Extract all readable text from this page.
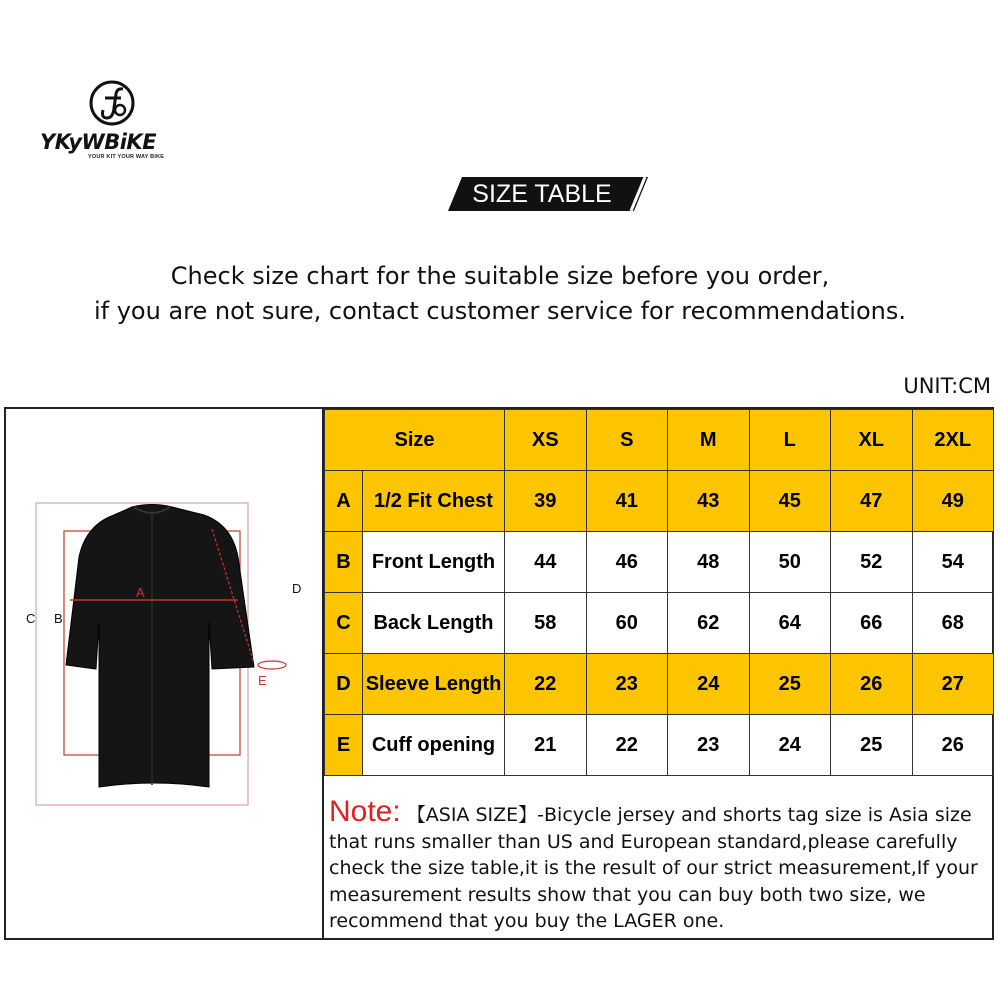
YKyWBiKE
YOUR KIT YOUR WAY BIKE
SIZE TABLE
Check size chart for the suitable size before you order,
if you are not sure, contact customer service for recommendations.
UNIT:CM
A
B
C
D
E
Size		XS	S	M	L	XL	2XL
A	1/2 Fit Chest	39	41	43	45	47	49
B	Front Length	44	46	48	50	52	54
C	Back Length	58	60	62	64	66	68
D	Sleeve Length	22	23	24	25	26	27
E	Cuff opening	21	22	23	24	25	26
Note: 【ASIA SIZE】-Bicycle jersey and shorts tag size is Asia size that runs smaller than US and European standard,please carefully check the size table,it is the result of our strict measurement,If your measurement results show that you can buy both two size, we recommend that you buy the LAGER one.
